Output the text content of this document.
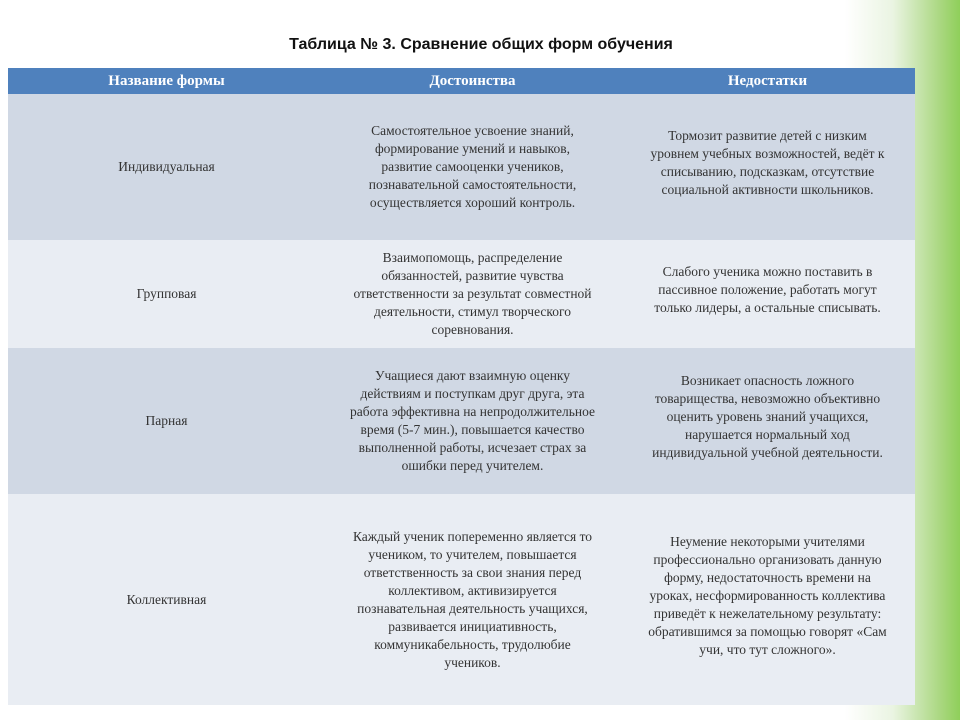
Таблица № 3. Сравнение общих форм обучения
Название формы	Достоинства	Недостатки
Индивидуальная
Самостоятельное усвоение знаний,
формирование умений и навыков,
развитие самооценки учеников,
познавательной самостоятельности,
осуществляется хороший контроль.
Тормозит развитие детей с низким
уровнем учебных возможностей, ведёт к
списыванию, подсказкам, отсутствие
социальной активности школьников.
Групповая
Взаимопомощь, распределение
обязанностей, развитие чувства
ответственности за результат совместной
деятельности, стимул творческого
соревнования.
Слабого ученика можно поставить в
пассивное положение, работать могут
только лидеры, а остальные списывать.
Парная
Учащиеся дают взаимную оценку
действиям и поступкам друг друга, эта
работа эффективна на непродолжительное
время (5-7 мин.), повышается качество
выполненной работы, исчезает страх за
ошибки перед учителем.
Возникает опасность ложного
товарищества, невозможно объективно
оценить уровень знаний учащихся,
нарушается нормальный ход
индивидуальной учебной деятельности.
Коллективная
Каждый ученик попеременно является то
учеником, то учителем, повышается
ответственность за свои знания перед
коллективом, активизируется
познавательная деятельность учащихся,
развивается инициативность,
коммуникабельность, трудолюбие
учеников.
Неумение некоторыми учителями
профессионально организовать данную
форму, недостаточность времени на
уроках, несформированность коллектива
приведёт к нежелательному результату:
обратившимся за помощью говорят «Сам
учи, что тут сложного».
